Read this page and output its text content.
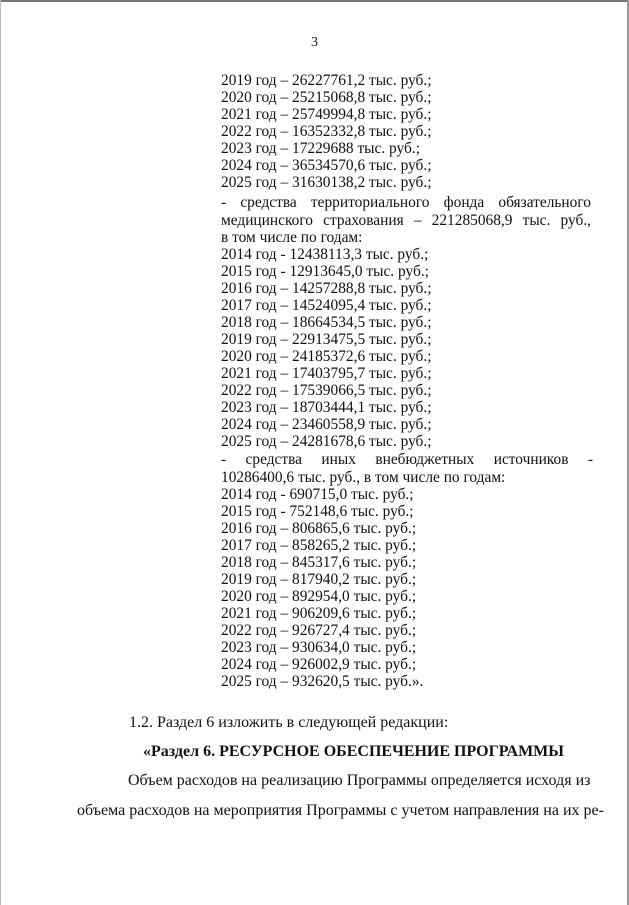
3
2019 год – 26227761,2 тыс. руб.;
2020 год – 25215068,8 тыс. руб.;
2021 год – 25749994,8 тыс. руб.;
2022 год – 16352332,8 тыс. руб.;
2023 год – 17229688 тыс. руб.;
2024 год – 36534570,6 тыс. руб.;
2025 год – 31630138,2 тыс. руб.;
- средства территориального фонда обязательного
медицинского страхования – 221285068,9 тыс. руб.,
в том числе по годам:
2014 год - 12438113,3 тыс. руб.;
2015 год - 12913645,0 тыс. руб.;
2016 год – 14257288,8 тыс. руб.;
2017 год – 14524095,4 тыс. руб.;
2018 год – 18664534,5 тыс. руб.;
2019 год – 22913475,5 тыс. руб.;
2020 год – 24185372,6 тыс. руб.;
2021 год – 17403795,7 тыс. руб.;
2022 год – 17539066,5 тыс. руб.;
2023 год – 18703444,1 тыс. руб.;
2024 год – 23460558,9 тыс. руб.;
2025 год – 24281678,6 тыс. руб.;
- средства иных внебюджетных источников -
10286400,6 тыс. руб., в том числе по годам:
2014 год - 690715,0 тыс. руб.;
2015 год - 752148,6 тыс. руб.;
2016 год – 806865,6 тыс. руб.;
2017 год – 858265,2 тыс. руб.;
2018 год – 845317,6 тыс. руб.;
2019 год – 817940,2 тыс. руб.;
2020 год – 892954,0 тыс. руб.;
2021 год – 906209,6 тыс. руб.;
2022 год – 926727,4 тыс. руб.;
2023 год – 930634,0 тыс. руб.;
2024 год – 926002,9 тыс. руб.;
2025 год – 932620,5 тыс. руб.».
1.2. Раздел 6 изложить в следующей редакции:
«Раздел 6. РЕСУРСНОЕ ОБЕСПЕЧЕНИЕ ПРОГРАММЫ
Объем расходов на реализацию Программы определяется исходя из
объема расходов на мероприятия Программы с учетом направления на их ре-
